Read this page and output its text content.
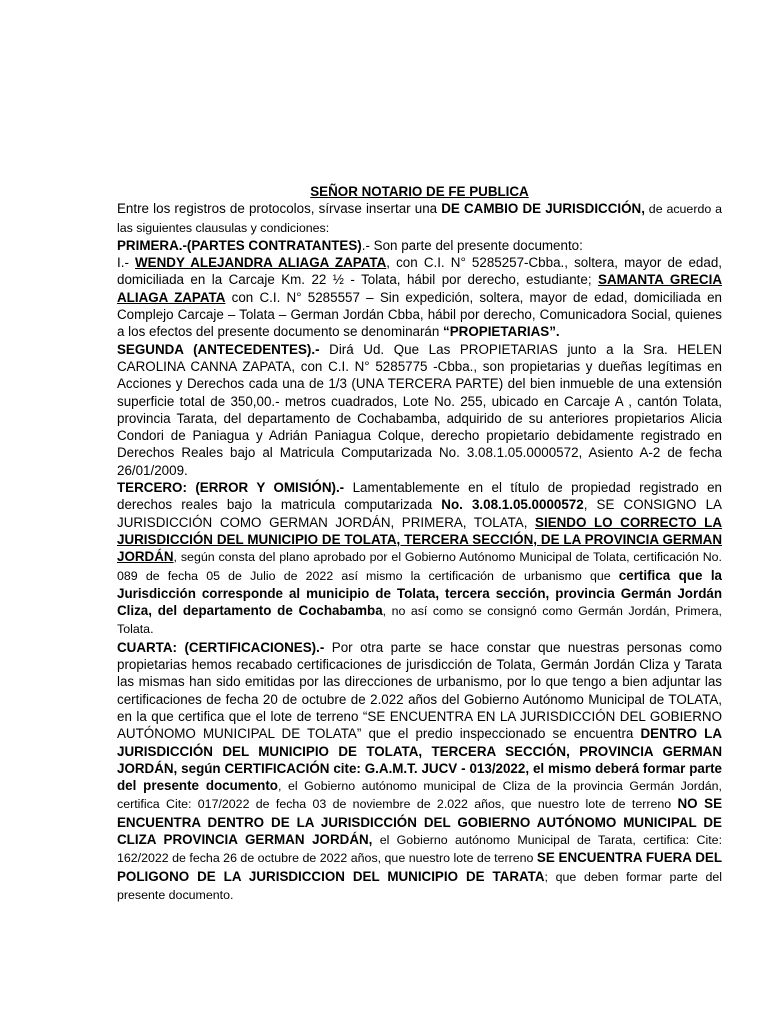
SEÑOR NOTARIO DE FE PUBLICA

Entre los registros de protocolos, sírvase insertar una DE CAMBIO DE JURISDICCIÓN, de acuerdo a las siguientes clausulas y condiciones:

PRIMERA.-(PARTES CONTRATANTES).- Son parte del presente documento:

I.- WENDY ALEJANDRA ALIAGA ZAPATA, con C.I. N° 5285257-Cbba., soltera, mayor de edad, domiciliada en la Carcaje Km. 22 ½ - Tolata, hábil por derecho, estudiante; SAMANTA GRECIA ALIAGA ZAPATA con C.I. N° 5285557 – Sin expedición, soltera, mayor de edad, domiciliada en Complejo Carcaje – Tolata – German Jordán Cbba, hábil por derecho, Comunicadora Social, quienes a los efectos del presente documento se denominarán “PROPIETARIAS”.

SEGUNDA (ANTECEDENTES).- Dirá Ud. Que Las PROPIETARIAS junto a la Sra. HELEN CAROLINA CANNA ZAPATA, con C.I. N° 5285775 -Cbba., son propietarias y dueñas legítimas en Acciones y Derechos cada una de 1/3 (UNA TERCERA PARTE) del bien inmueble de una extensión superficie total de 350,00.- metros cuadrados, Lote No. 255, ubicado en Carcaje A , cantón Tolata, provincia Tarata, del departamento de Cochabamba, adquirido de su anteriores propietarios Alicia Condori de Paniagua y Adrián Paniagua Colque, derecho propietario debidamente registrado en Derechos Reales bajo al Matricula Computarizada No. 3.08.1.05.0000572, Asiento A-2 de fecha 26/01/2009.

TERCERO: (ERROR Y OMISIÓN).- Lamentablemente en el título de propiedad registrado en derechos reales bajo la matricula computarizada No. 3.08.1.05.0000572, SE CONSIGNO LA JURISDICCIÓN COMO GERMAN JORDÁN, PRIMERA, TOLATA, SIENDO LO CORRECTO LA JURISDICCIÓN DEL MUNICIPIO DE TOLATA, TERCERA SECCIÓN, DE LA PROVINCIA GERMAN JORDÁN, según consta del plano aprobado por el Gobierno Autónomo Municipal de Tolata, certificación No. 089 de fecha 05 de Julio de 2022 así mismo la certificación de urbanismo que certifica que la Jurisdicción corresponde al municipio de Tolata, tercera sección, provincia Germán Jordán Cliza, del departamento de Cochabamba, no así como se consignó como Germán Jordán, Primera, Tolata.

CUARTA: (CERTIFICACIONES).- Por otra parte se hace constar que nuestras personas como propietarias hemos recabado certificaciones de jurisdicción de Tolata, Germán Jordán Cliza y Tarata las mismas han sido emitidas por las direcciones de urbanismo, por lo que tengo a bien adjuntar las certificaciones de fecha 20 de octubre de 2.022 años del Gobierno Autónomo Municipal de TOLATA, en la que certifica que el lote de terreno “SE ENCUENTRA EN LA JURISDICCIÓN DEL GOBIERNO AUTÓNOMO MUNICIPAL DE TOLATA” que el predio inspeccionado se encuentra DENTRO LA JURISDICCIÓN DEL MUNICIPIO DE TOLATA, TERCERA SECCIÓN, PROVINCIA GERMAN JORDÁN, según CERTIFICACIÓN cite: G.A.M.T. JUCV - 013/2022, el mismo deberá formar parte del presente documento, el Gobierno autónomo municipal de Cliza de la provincia Germán Jordán, certifica Cite: 017/2022 de fecha 03 de noviembre de 2.022 años, que nuestro lote de terreno NO SE ENCUENTRA DENTRO DE LA JURISDICCIÓN DEL GOBIERNO AUTÓNOMO MUNICIPAL DE CLIZA PROVINCIA GERMAN JORDÁN, el Gobierno autónomo Municipal de Tarata, certifica: Cite: 162/2022 de fecha 26 de octubre de 2022 años, que nuestro lote de terreno SE ENCUENTRA FUERA DEL POLIGONO DE LA JURISDICCION DEL MUNICIPIO DE TARATA; que deben formar parte del presente documento.
